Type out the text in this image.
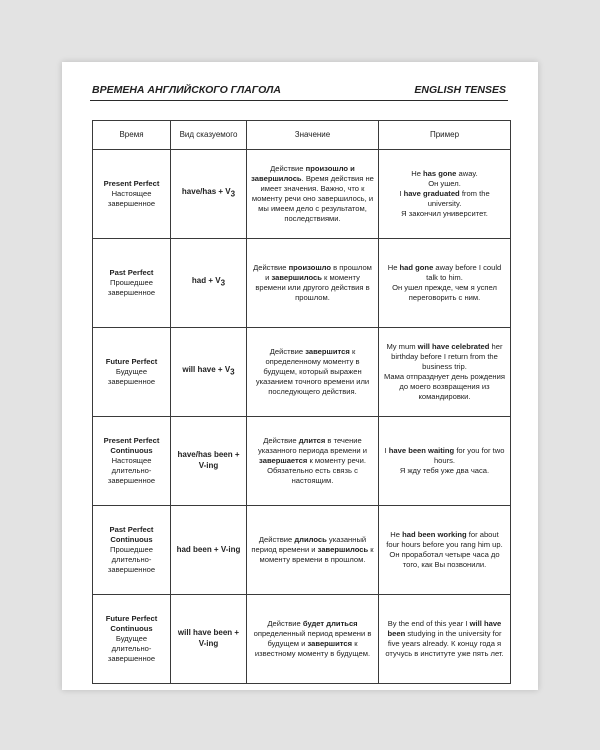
ВРЕМЕНА АНГЛИЙСКОГО ГЛАГОЛА	ENGLISH TENSES
Время	Вид сказуемого	Значение	Пример

Present Perfect
Настоящее завершенное	have/has + $V_3$	Действие произошло и завершилось. Время действия не имеет значения. Важно, что к моменту речи оно завершилось, и мы имеем дело с результатом, последствиями.	He has gone away.
Он ушел.
I have graduated from the university.
Я закончил университет.

Past Perfect
Прошедшее завершенное	had + $V_3$	Действие произошло в прошлом и завершилось к моменту времени или другого действия в прошлом.	He had gone away before I could talk to him.
Он ушел прежде, чем я успел переговорить с ним.

Future Perfect
Будущее завершенное	will have + $V_3$	Действие завершится к определенному моменту в будущем, который выражен указанием точного времени или последующего действия.	My mum will have celebrated her birthday before I return from the business trip.
Мама отпразднует день рождения до моего возвращения из командировки.

Present Perfect Continuous
Настоящее длительно-завершенное	have/has been + V-ing	Действие длится в течение указанного периода времени и завершается к моменту речи. Обязательно есть связь с настоящим.	I have been waiting for you for two hours.
Я жду тебя уже два часа.

Past Perfect Continuous
Прошедшее длительно-завершенное	had been + V-ing	Действие длилось указанный период времени и завершилось к моменту времени в прошлом.	He had been working for about four hours before you rang him up.
Он проработал четыре часа до того, как Вы позвонили.

Future Perfect Continuous
Будущее длительно-завершенное	will have been + V-ing	Действие будет длиться определенный период времени в будущем и завершится к известному моменту в будущем.	By the end of this year I will have been studying in the university for five years already. К концу года я отучусь в институте уже пять лет.
